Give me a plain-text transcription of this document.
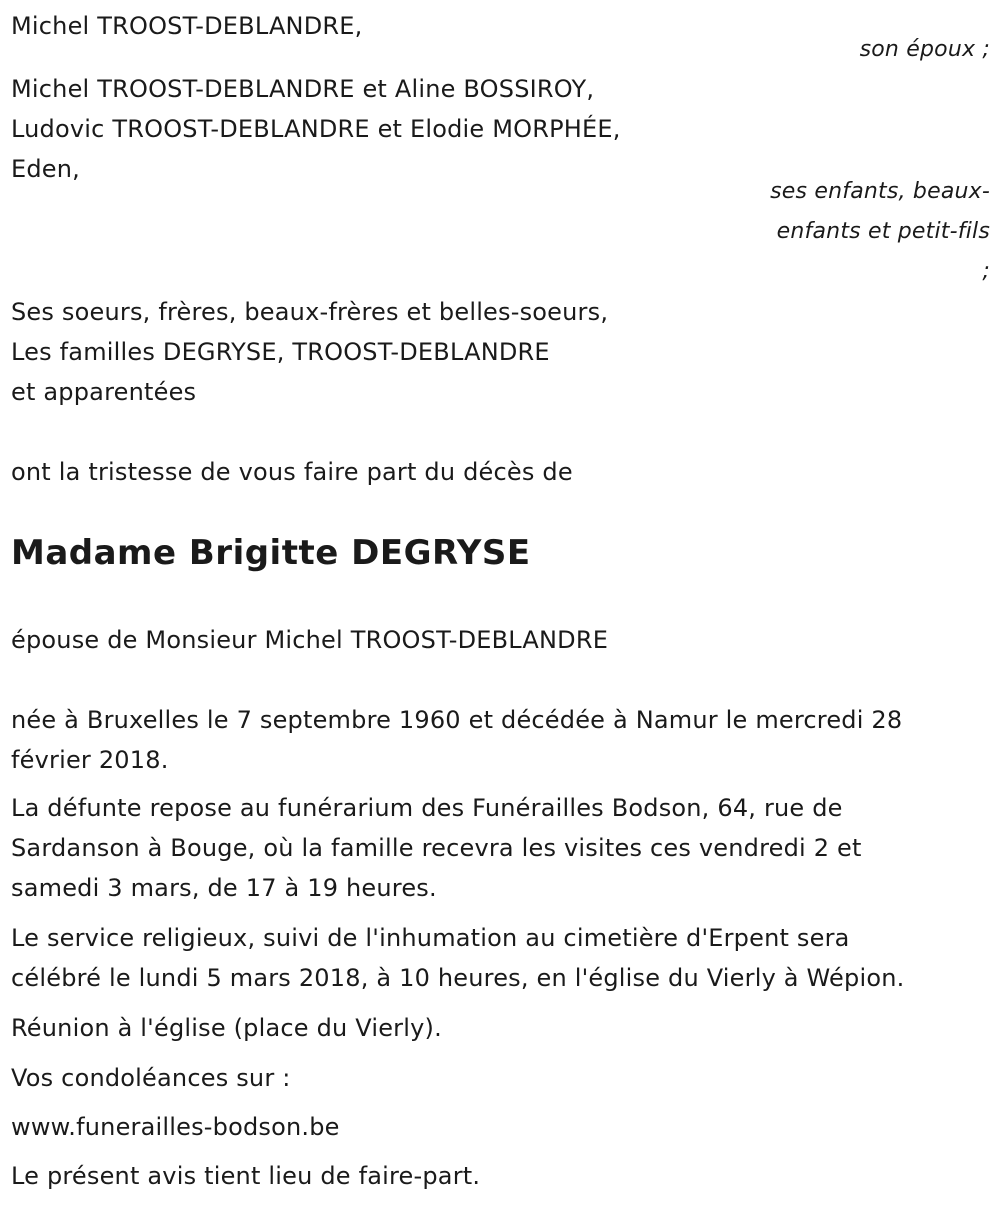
Michel TROOST-DEBLANDRE,
son époux ;
Michel TROOST-DEBLANDRE et Aline BOSSIROY,
Ludovic TROOST-DEBLANDRE et Elodie MORPHÉE,
Eden,
ses enfants, beaux-
enfants et petit-fils
;
Ses soeurs, frères, beaux-frères et belles-soeurs,
Les familles DEGRYSE, TROOST-DEBLANDRE
et apparentées
ont la tristesse de vous faire part du décès de
Madame Brigitte DEGRYSE
épouse de Monsieur Michel TROOST-DEBLANDRE
née à Bruxelles le 7 septembre 1960 et décédée à Namur le mercredi 28
février 2018.
La défunte repose au funérarium des Funérailles Bodson, 64, rue de
Sardanson à Bouge, où la famille recevra les visites ces vendredi 2 et
samedi 3 mars, de 17 à 19 heures.
Le service religieux, suivi de l'inhumation au cimetière d'Erpent sera
célébré le lundi 5 mars 2018, à 10 heures, en l'église du Vierly à Wépion.
Réunion à l'église (place du Vierly).
Vos condoléances sur :
www.funerailles-bodson.be
Le présent avis tient lieu de faire-part.
